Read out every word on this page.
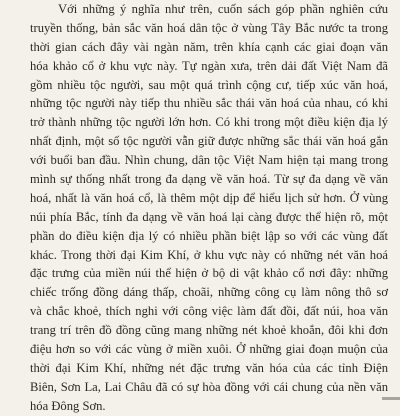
Với những ý nghĩa như trên, cuốn sách góp phần nghiên cứu
truyền thống, bản sắc văn hoá dân tộc ở vùng Tây Bắc nước ta trong
thời gian cách đây vài ngàn năm, trên khía cạnh các giai đoạn văn
hóa khảo cổ ở khu vực này. Tự ngàn xưa, trên dải đất Việt Nam đã
gồm nhiều tộc người, sau một quá trình cộng cư, tiếp xúc văn hoá,
những tộc người này tiếp thu nhiều sắc thái văn hoá của nhau, có khi
trở thành những tộc người lớn hơn. Có khi trong một điều kiện địa lý
nhất định, một số tộc người vẫn giữ được những sắc thái văn hoá gắn
với buổi ban đầu. Nhìn chung, dân tộc Việt Nam hiện tại mang trong
mình sự thống nhất trong đa dạng về văn hoá. Từ sự đa dạng về văn
hoá, nhất là văn hoá cổ, là thêm một dịp để hiểu lịch sử hơn. Ở vùng
núi phía Bắc, tính đa dạng về văn hoá lại càng được thể hiện rõ, một
phần do điều kiện địa lý có nhiều phần biệt lập so với các vùng đất
khác. Trong thời đại Kim Khí, ở khu vực này có những nét văn hoá
đặc trưng của miền núi thể hiện ở bộ di vật khảo cổ nơi đây: những
chiếc trống đồng dáng thấp, choãi, những công cụ làm nông thô sơ
và chắc khoẻ, thích nghi với công việc làm đất đồi, đất núi, hoa văn
trang trí trên đồ đồng cũng mang những nét khoẻ khoắn, đôi khi đơn
điệu hơn so với các vùng ở miền xuôi. Ở những giai đoạn muộn của
thời đại Kim Khí, những nét đặc trưng văn hóa của các tỉnh Điện
Biên, Sơn La, Lai Châu đã có sự hòa đồng với cái chung của nền văn
hóa Đông Sơn.
